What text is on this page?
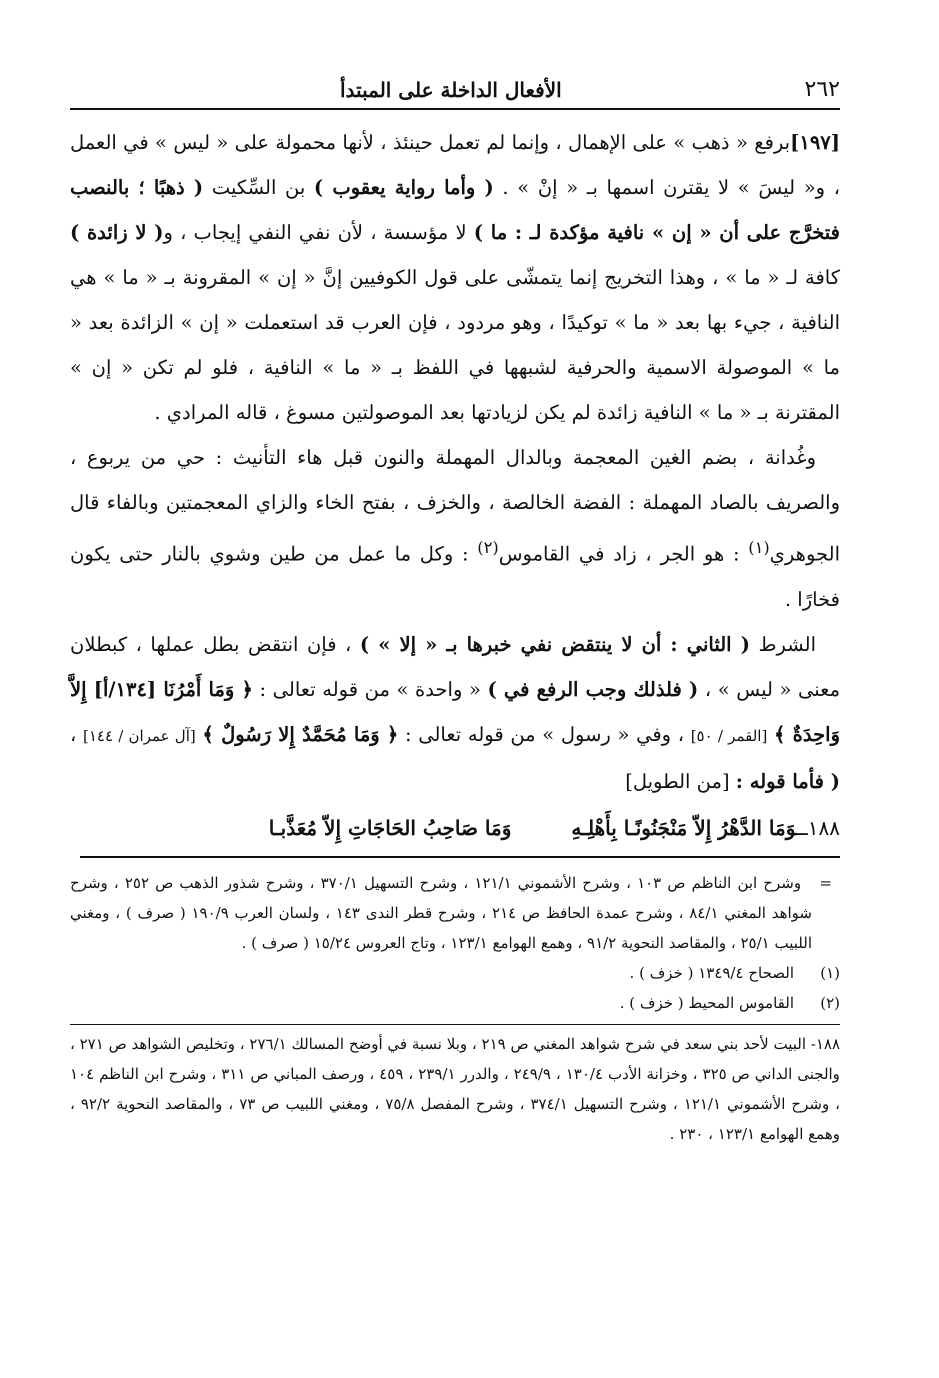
٢٦٢
الأفعال الداخلة على المبتدأ

[١٩٧]برفع « ذهب » على الإهمال ، وإنما لم تعمل حينئذ ، لأنها محمولة على « ليس » في العمل ، و« ليسَ » لا يقترن اسمها بـ « إنْ » . ( وأما رواية يعقوب ) بن السِّكيت ( ذهبًا ؛ بالنصب فتخرَّج على أن « إن » نافية مؤكدة لـ : ما ) لا مؤسسة ، لأن نفي النفي إيجاب ، و( لا زائدة ) كافة لـ « ما » ، وهذا التخريج إنما يتمشّى على قول الكوفيين إنَّ « إن » المقرونة بـ « ما » هي النافية ، جيء بها بعد « ما » توكيدًا ، وهو مردود ، فإن العرب قد استعملت « إن » الزائدة بعد « ما » الموصولة الاسمية والحرفية لشبهها في اللفظ بـ « ما » النافية ، فلو لم تكن « إن » المقترنة بـ « ما » النافية زائدة لم يكن لزيادتها بعد الموصولتين مسوغ ، قاله المرادي .

وغُدانة ، بضم الغين المعجمة وبالدال المهملة والنون قبل هاء التأنيث : حي من يربوع ، والصريف بالصاد المهملة : الفضة الخالصة ، والخزف ، بفتح الخاء والزاي المعجمتين وبالفاء قال الجوهري$^{(١)}$ : هو الجر ، زاد في القاموس$^{(٢)}$ : وكل ما عمل من طين وشوي بالنار حتى يكون فخارًا .

الشرط ( الثاني : أن لا ينتقض نفي خبرها بـ « إلا » ) ، فإن انتقض بطل عملها ، كبطلان معنى « ليس » ، ( فلذلك وجب الرفع في ) « واحدة » من قوله تعالى : ﴿ وَمَا أَمْرُنَا [١٣٤/أ] إِلاَّ وَاحِدَةٌ ﴾ [القمر / ٥٠] ، وفي « رسول » من قوله تعالى : ﴿ وَمَا مُحَمَّدٌ إِلا رَسُولٌ ﴾ [آل عمران / ١٤٤] ، ( فأما قوله : [من الطويل]

١٨٨ــوَمَا الدَّهْرُ إِلاّ مَنْجَنُونًـا بِأَهْلِـهِ
وَمَا صَاحِبُ الحَاجَاتِ إِلاّ مُعَذَّبـا

=   وشرح ابن الناظم ص ١٠٣ ، وشرح الأشموني ١٢١/١ ، وشرح التسهيل ٣٧٠/١ ، وشرح شذور الذهب ص ٢٥٢ ، وشرح شواهد المغني ٨٤/١ ، وشرح عمدة الحافظ ص ٢١٤ ، وشرح قطر الندى ١٤٣ ، ولسان العرب ١٩٠/٩ ( صرف ) ، ومغني اللبيب ٢٥/١ ، والمقاصد النحوية ٩١/٢ ، وهمع الهوامع ١٢٣/١ ، وتاج العروس ١٥/٢٤ ( صرف ) .

(١)
الصحاح ١٣٤٩/٤ ( خزف ) .

(٢)
القاموس المحيط ( خزف ) .

١٨٨- البيت لأحد بني سعد في شرح شواهد المغني ص ٢١٩ ، وبلا نسبة في أوضح المسالك ٢٧٦/١ ، وتخليص الشواهد ص ٢٧١ ، والجنى الداني ص ٣٢٥ ، وخزانة الأدب ١٣٠/٤ ، ٢٤٩/٩ ، والدرر ٢٣٩/١ ، ٤٥٩ ، ورصف المباني ص ٣١١ ، وشرح ابن الناظم ١٠٤ ، وشرح الأشموني ١٢١/١ ، وشرح التسهيل ٣٧٤/١ ، وشرح المفصل ٧٥/٨ ، ومغني اللبيب ص ٧٣ ، والمقاصد النحوية ٩٢/٢ ، وهمع الهوامع ١٢٣/١ ، ٢٣٠ .
